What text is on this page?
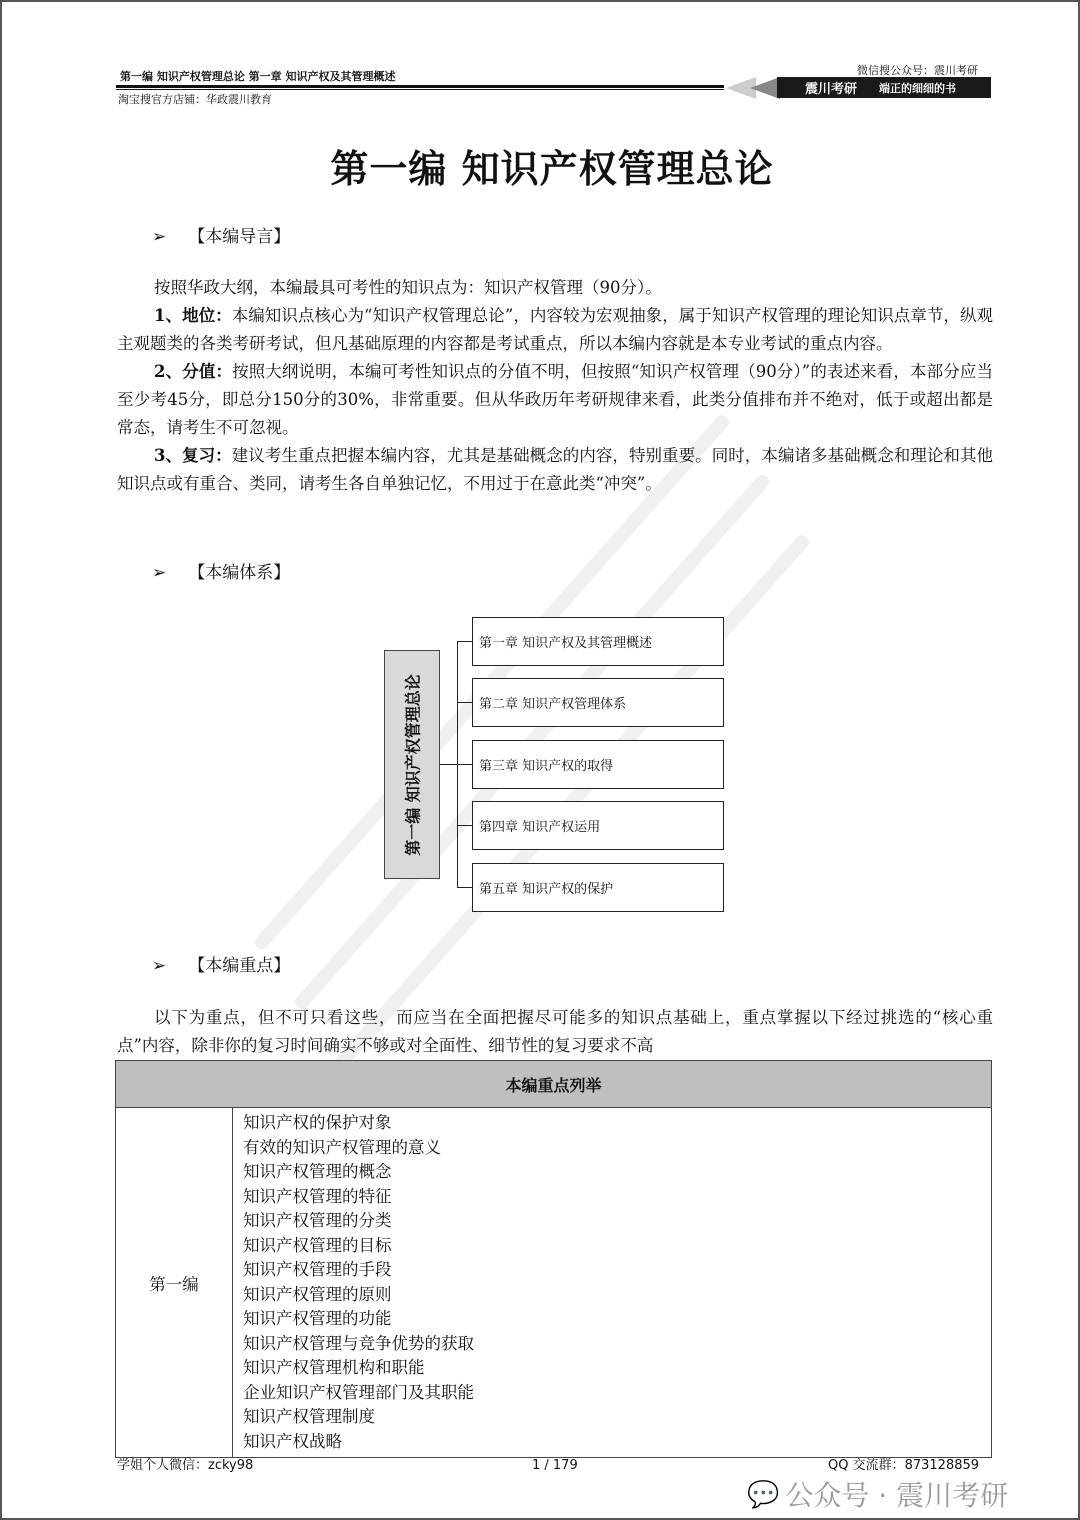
第一编 知识产权管理总论 第一章 知识产权及其管理概述
淘宝搜官方店铺：华政震川教育
微信搜公众号：震川考研
震川考研 端正的细细的书
第一编 知识产权管理总论
➢ 【本编导言】

按照华政大纲，本编最具可考性的知识点为：知识产权管理（90分）。

1、地位：本编知识点核心为“知识产权管理总论”，内容较为宏观抽象，属于知识产权管理的理论知识点章节，纵观主观题类的各类考研考试，但凡基础原理的内容都是考试重点，所以本编内容就是本专业考试的重点内容。

2、分值：按照大纲说明，本编可考性知识点的分值不明，但按照“知识产权管理（90分）”的表述来看，本部分应当至少考45分，即总分150分的30%，非常重要。但从华政历年考研规律来看，此类分值排布并不绝对，低于或超出都是常态，请考生不可忽视。

3、复习：建议考生重点把握本编内容，尤其是基础概念的内容，特别重要。同时，本编诸多基础概念和理论和其他知识点或有重合、类同，请考生各自单独记忆，不用过于在意此类“冲突”。

➢ 【本编体系】
第一编 知识产权管理总论
第一章 知识产权及其管理概述
第二章 知识产权管理体系
第三章 知识产权的取得
第四章 知识产权运用
第五章 知识产权的保护
➢ 【本编重点】

以下为重点，但不可只看这些，而应当在全面把握尽可能多的知识点基础上，重点掌握以下经过挑选的“核心重点”内容，除非你的复习时间确实不够或对全面性、细节性的复习要求不高

本编重点列举
第一编	
知识产权的保护对象
有效的知识产权管理的意义
知识产权管理的概念
知识产权管理的特征
知识产权管理的分类
知识产权管理的目标
知识产权管理的手段
知识产权管理的原则
知识产权管理的功能
知识产权管理与竞争优势的获取
知识产权管理机构和职能
企业知识产权管理部门及其职能
知识产权管理制度
知识产权战略
学姐个人微信：zcky98	1 / 179	QQ 交流群：873128859
💬 公众号 · 震川考研
